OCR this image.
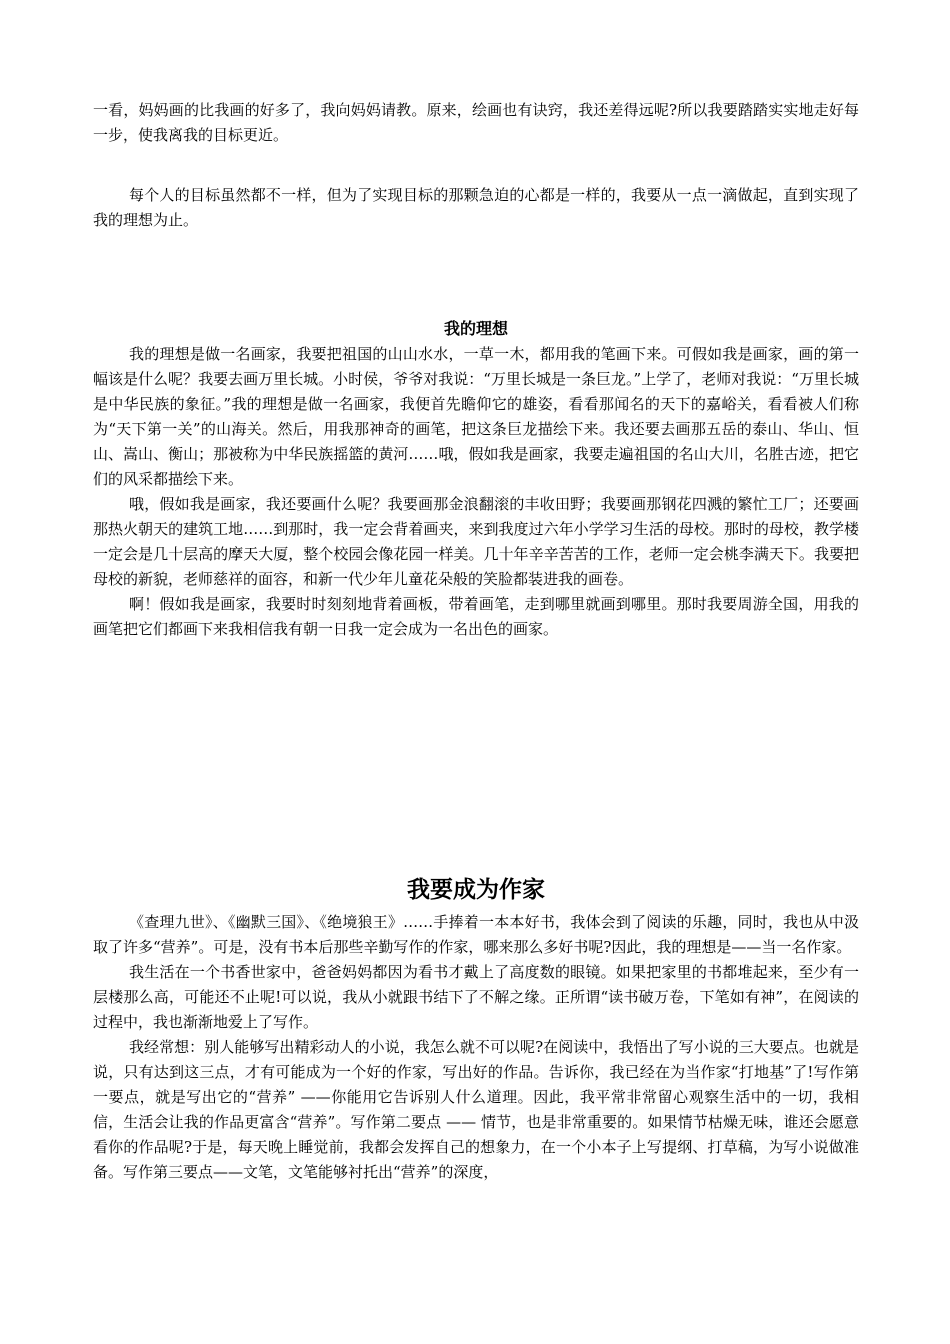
一看，妈妈画的比我画的好多了，我向妈妈请教。原来，绘画也有诀窍，我还差得远呢?所以我要踏踏实实地走好每一步，使我离我的目标更近。

每个人的目标虽然都不一样，但为了实现目标的那颗急迫的心都是一样的，我要从一点一滴做起，直到实现了我的理想为止。

我的理想

我的理想是做一名画家，我要把祖国的山山水水，一草一木，都用我的笔画下来。可假如我是画家，画的第一幅该是什么呢？我要去画万里长城。小时侯，爷爷对我说：“万里长城是一条巨龙。”上学了，老师对我说：“万里长城是中华民族的象征。”我的理想是做一名画家，我便首先瞻仰它的雄姿，看看那闻名的天下的嘉峪关，看看被人们称为“天下第一关”的山海关。然后，用我那神奇的画笔，把这条巨龙描绘下来。我还要去画那五岳的泰山、华山、恒山、嵩山、衡山；那被称为中华民族摇篮的黄河……哦，假如我是画家，我要走遍祖国的名山大川，名胜古迹，把它们的风采都描绘下来。

哦，假如我是画家，我还要画什么呢？我要画那金浪翻滚的丰收田野；我要画那钢花四溅的繁忙工厂；还要画那热火朝天的建筑工地……到那时，我一定会背着画夹，来到我度过六年小学学习生活的母校。那时的母校，教学楼一定会是几十层高的摩天大厦，整个校园会像花园一样美。几十年辛辛苦苦的工作，老师一定会桃李满天下。我要把母校的新貌，老师慈祥的面容，和新一代少年儿童花朵般的笑脸都装进我的画卷。

啊！假如我是画家，我要时时刻刻地背着画板，带着画笔，走到哪里就画到哪里。那时我要周游全国，用我的画笔把它们都画下来我相信我有朝一日我一定会成为一名出色的画家。

我要成为作家

《查理九世》、《幽默三国》、《绝境狼王》……手捧着一本本好书，我体会到了阅读的乐趣，同时，我也从中汲取了许多“营养”。可是，没有书本后那些辛勤写作的作家，哪来那么多好书呢?因此，我的理想是——当一名作家。

我生活在一个书香世家中，爸爸妈妈都因为看书才戴上了高度数的眼镜。如果把家里的书都堆起来，至少有一层楼那么高，可能还不止呢!可以说，我从小就跟书结下了不解之缘。正所谓“读书破万卷，下笔如有神”，在阅读的过程中，我也渐渐地爱上了写作。

我经常想：别人能够写出精彩动人的小说，我怎么就不可以呢?在阅读中，我悟出了写小说的三大要点。也就是说，只有达到这三点，才有可能成为一个好的作家，写出好的作品。告诉你，我已经在为当作家“打地基”了!写作第一要点，就是写出它的“营养” ——你能用它告诉别人什么道理。因此，我平常非常留心观察生活中的一切，我相信，生活会让我的作品更富含“营养”。写作第二要点 —— 情节，也是非常重要的。如果情节枯燥无味，谁还会愿意看你的作品呢?于是，每天晚上睡觉前，我都会发挥自己的想象力，在一个小本子上写提纲、打草稿，为写小说做准备。写作第三要点——文笔，文笔能够衬托出“营养”的深度，
